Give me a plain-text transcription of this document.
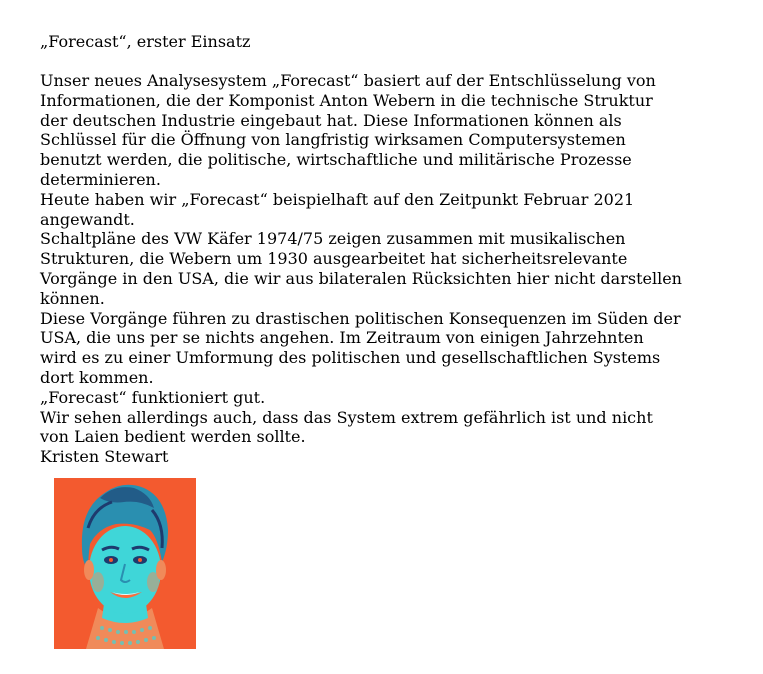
„Forecast“, erster Einsatz
Unser neues Analysesystem „Forecast“ basiert auf der Entschlüsselung von
Informationen, die der Komponist Anton Webern in die technische Struktur
der deutschen Industrie eingebaut hat. Diese Informationen können als
Schlüssel für die Öffnung von langfristig wirksamen Computersystemen
benutzt werden, die politische, wirtschaftliche und militärische Prozesse
determinieren.
Heute haben wir „Forecast“ beispielhaft auf den Zeitpunkt Februar 2021
angewandt.
Schaltpläne des VW Käfer 1974/75 zeigen zusammen mit musikalischen
Strukturen, die Webern um 1930 ausgearbeitet hat sicherheitsrelevante
Vorgänge in den USA, die wir aus bilateralen Rücksichten hier nicht darstellen
können.
Diese Vorgänge führen zu drastischen politischen Konsequenzen im Süden der
USA, die uns per se nichts angehen. Im Zeitraum von einigen Jahrzehnten
wird es zu einer Umformung des politischen und gesellschaftlichen Systems
dort kommen.
„Forecast“ funktioniert gut.
Wir sehen allerdings auch, dass das System extrem gefährlich ist und nicht
von Laien bedient werden sollte.
Kristen Stewart
